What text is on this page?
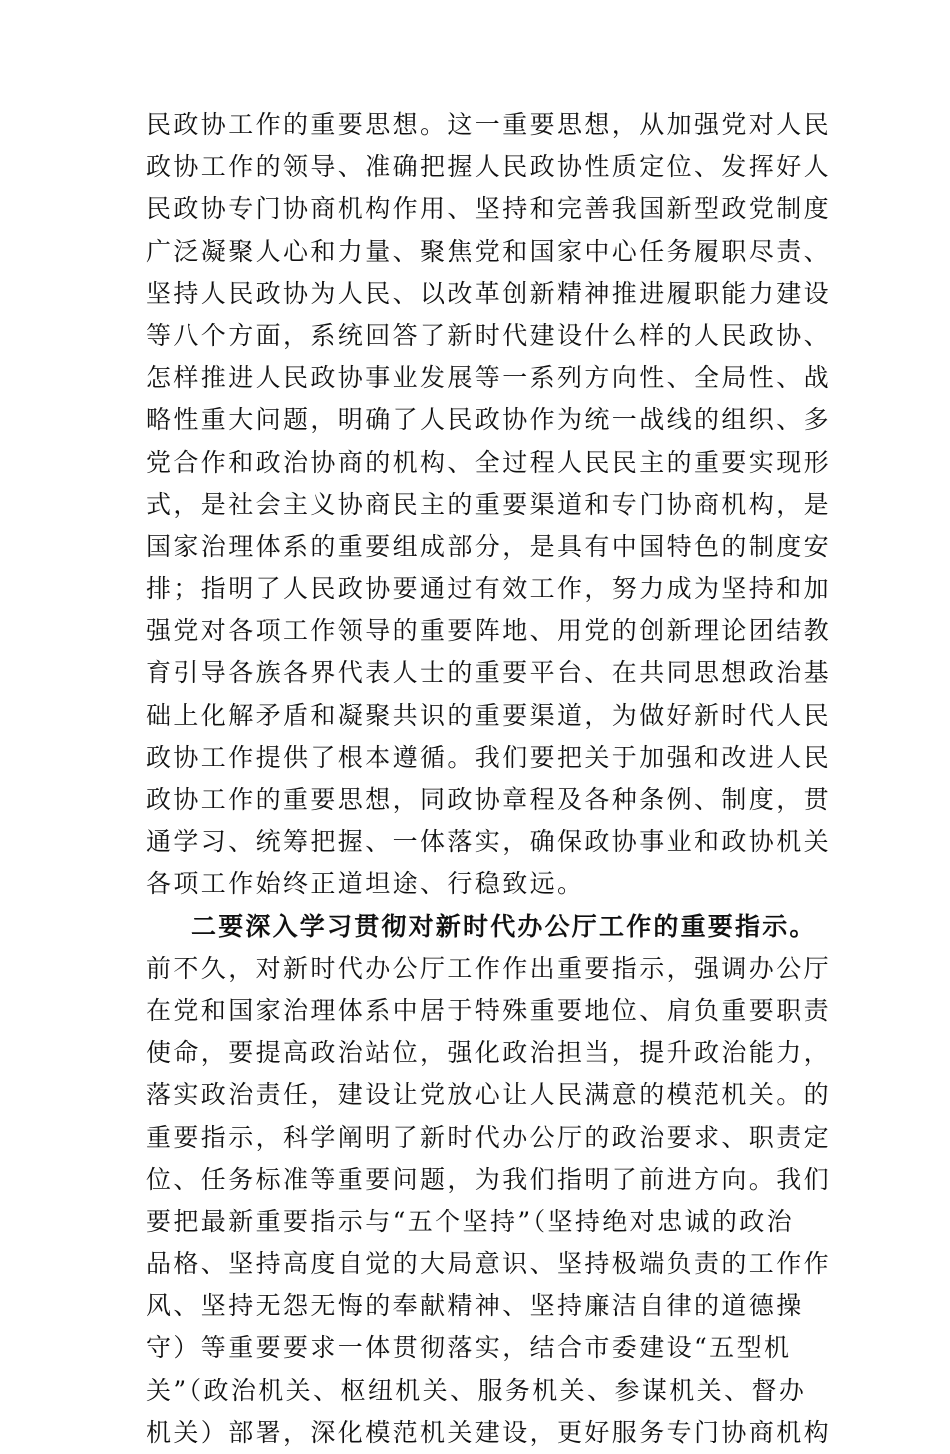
民政协工作的重要思想。这一重要思想，从加强党对人民
政协工作的领导、准确把握人民政协性质定位、发挥好人
民政协专门协商机构作用、坚持和完善我国新型政党制度
广泛凝聚人心和力量、聚焦党和国家中心任务履职尽责、
坚持人民政协为人民、以改革创新精神推进履职能力建设
等八个方面，系统回答了新时代建设什么样的人民政协、
怎样推进人民政协事业发展等一系列方向性、全局性、战
略性重大问题，明确了人民政协作为统一战线的组织、多
党合作和政治协商的机构、全过程人民民主的重要实现形
式，是社会主义协商民主的重要渠道和专门协商机构，是
国家治理体系的重要组成部分，是具有中国特色的制度安
排；指明了人民政协要通过有效工作，努力成为坚持和加
强党对各项工作领导的重要阵地、用党的创新理论团结教
育引导各族各界代表人士的重要平台、在共同思想政治基
础上化解矛盾和凝聚共识的重要渠道，为做好新时代人民
政协工作提供了根本遵循。我们要把关于加强和改进人民
政协工作的重要思想，同政协章程及各种条例、制度，贯
通学习、统筹把握、一体落实，确保政协事业和政协机关
各项工作始终正道坦途、行稳致远。
二要深入学习贯彻对新时代办公厅工作的重要指示。
前不久，对新时代办公厅工作作出重要指示，强调办公厅
在党和国家治理体系中居于特殊重要地位、肩负重要职责
使命，要提高政治站位，强化政治担当，提升政治能力，
落实政治责任，建设让党放心让人民满意的模范机关。的
重要指示，科学阐明了新时代办公厅的政治要求、职责定
位、任务标准等重要问题，为我们指明了前进方向。我们
要把最新重要指示与“五个坚持”（坚持绝对忠诚的政治
品格、坚持高度自觉的大局意识、坚持极端负责的工作作
风、坚持无怨无悔的奉献精神、坚持廉洁自律的道德操
守）等重要要求一体贯彻落实，结合市委建设“五型机
关”（政治机关、枢纽机关、服务机关、参谋机关、督办
机关）部署，深化模范机关建设，更好服务专门协商机构
